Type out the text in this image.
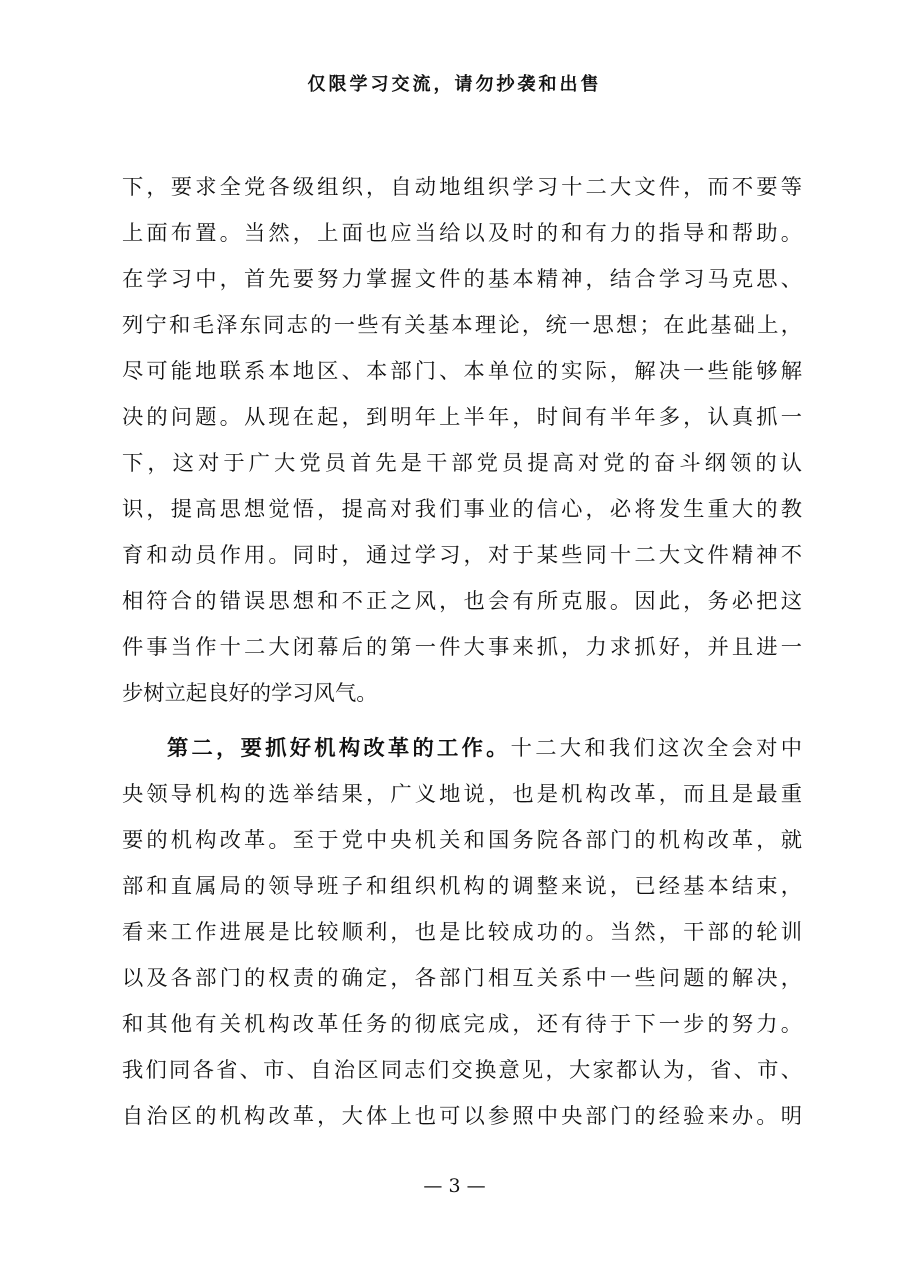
仅限学习交流，请勿抄袭和出售
下，要求全党各级组织，自动地组织学习十二大文件，而不要等
上面布置。当然，上面也应当给以及时的和有力的指导和帮助。
在学习中，首先要努力掌握文件的基本精神，结合学习马克思、
列宁和毛泽东同志的一些有关基本理论，统一思想；在此基础上，
尽可能地联系本地区、本部门、本单位的实际，解决一些能够解
决的问题。从现在起，到明年上半年，时间有半年多，认真抓一
下，这对于广大党员首先是干部党员提高对党的奋斗纲领的认
识，提高思想觉悟，提高对我们事业的信心，必将发生重大的教
育和动员作用。同时，通过学习，对于某些同十二大文件精神不
相符合的错误思想和不正之风，也会有所克服。因此，务必把这
件事当作十二大闭幕后的第一件大事来抓，力求抓好，并且进一
步树立起良好的学习风气。
第二，要抓好机构改革的工作。十二大和我们这次全会对中
央领导机构的选举结果，广义地说，也是机构改革，而且是最重
要的机构改革。至于党中央机关和国务院各部门的机构改革，就
部和直属局的领导班子和组织机构的调整来说，已经基本结束，
看来工作进展是比较顺利，也是比较成功的。当然，干部的轮训
以及各部门的权责的确定，各部门相互关系中一些问题的解决，
和其他有关机构改革任务的彻底完成，还有待于下一步的努力。
我们同各省、市、自治区同志们交换意见，大家都认为，省、市、
自治区的机构改革，大体上也可以参照中央部门的经验来办。明
— 3 —
